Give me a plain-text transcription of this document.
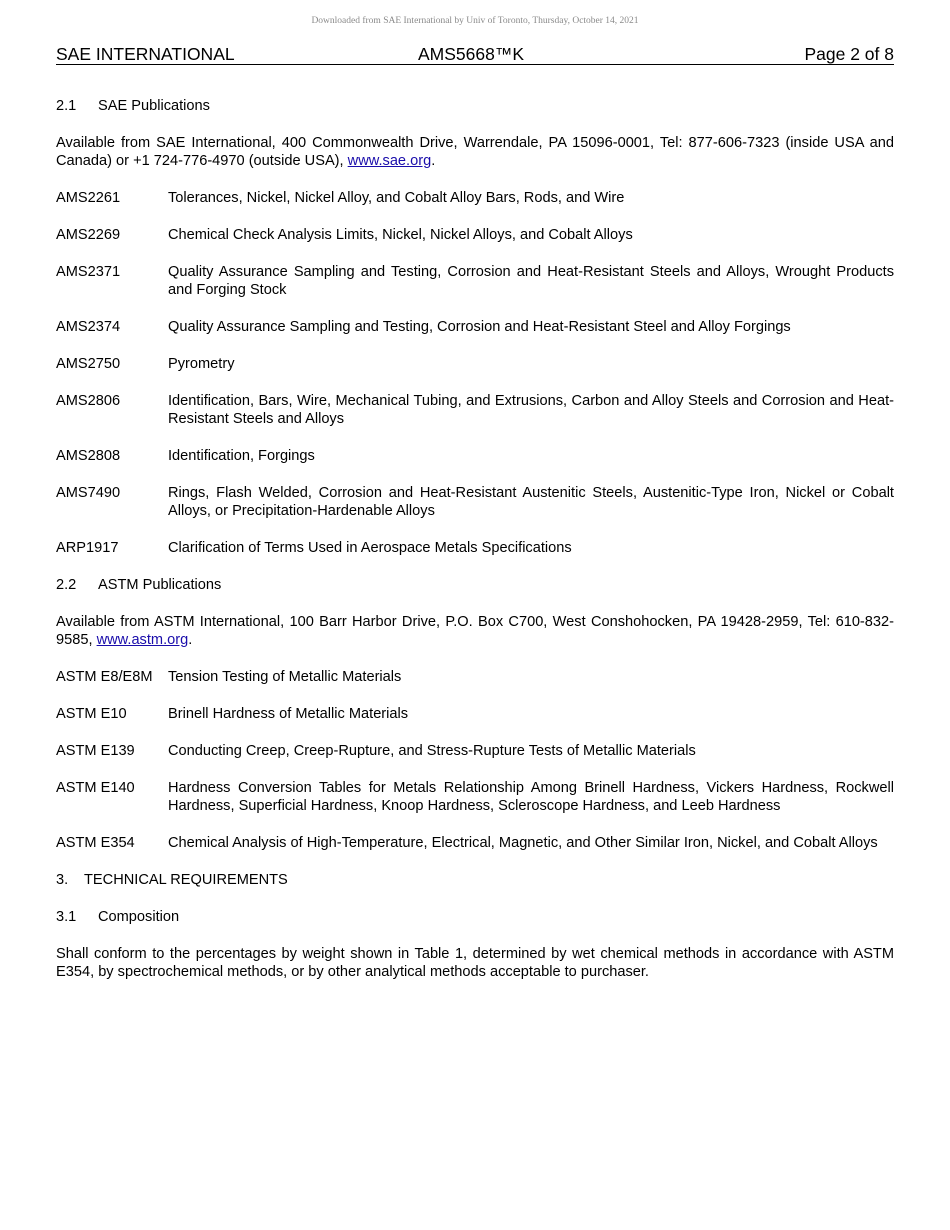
Downloaded from SAE International by Univ of Toronto, Thursday, October 14, 2021

SAE INTERNATIONAL	AMS5668™K	Page 2 of 8
2.1	SAE Publications

Available from SAE International, 400 Commonwealth Drive, Warrendale, PA 15096-0001, Tel: 877-606-7323 (inside USA and Canada) or +1 724-776-4970 (outside USA), www.sae.org.

AMS2261	Tolerances, Nickel, Nickel Alloy, and Cobalt Alloy Bars, Rods, and Wire
AMS2269	Chemical Check Analysis Limits, Nickel, Nickel Alloys, and Cobalt Alloys
AMS2371	Quality Assurance Sampling and Testing, Corrosion and Heat-Resistant Steels and Alloys, Wrought Products and Forging Stock
AMS2374	Quality Assurance Sampling and Testing, Corrosion and Heat-Resistant Steel and Alloy Forgings
AMS2750	Pyrometry
AMS2806	Identification, Bars, Wire, Mechanical Tubing, and Extrusions, Carbon and Alloy Steels and Corrosion and Heat-Resistant Steels and Alloys
AMS2808	Identification, Forgings
AMS7490	Rings, Flash Welded, Corrosion and Heat-Resistant Austenitic Steels, Austenitic-Type Iron, Nickel or Cobalt Alloys, or Precipitation-Hardenable Alloys
ARP1917	Clarification of Terms Used in Aerospace Metals Specifications
2.2	ASTM Publications

Available from ASTM International, 100 Barr Harbor Drive, P.O. Box C700, West Conshohocken, PA 19428-2959, Tel: 610-832-9585, www.astm.org.

ASTM E8/E8M	Tension Testing of Metallic Materials
ASTM E10	Brinell Hardness of Metallic Materials
ASTM E139	Conducting Creep, Creep-Rupture, and Stress-Rupture Tests of Metallic Materials
ASTM E140	Hardness Conversion Tables for Metals Relationship Among Brinell Hardness, Vickers Hardness, Rockwell Hardness, Superficial Hardness, Knoop Hardness, Scleroscope Hardness, and Leeb Hardness
ASTM E354	Chemical Analysis of High-Temperature, Electrical, Magnetic, and Other Similar Iron, Nickel, and Cobalt Alloys
3.	TECHNICAL REQUIREMENTS
3.1	Composition

Shall conform to the percentages by weight shown in Table 1, determined by wet chemical methods in accordance with ASTM E354, by spectrochemical methods, or by other analytical methods acceptable to purchaser.
